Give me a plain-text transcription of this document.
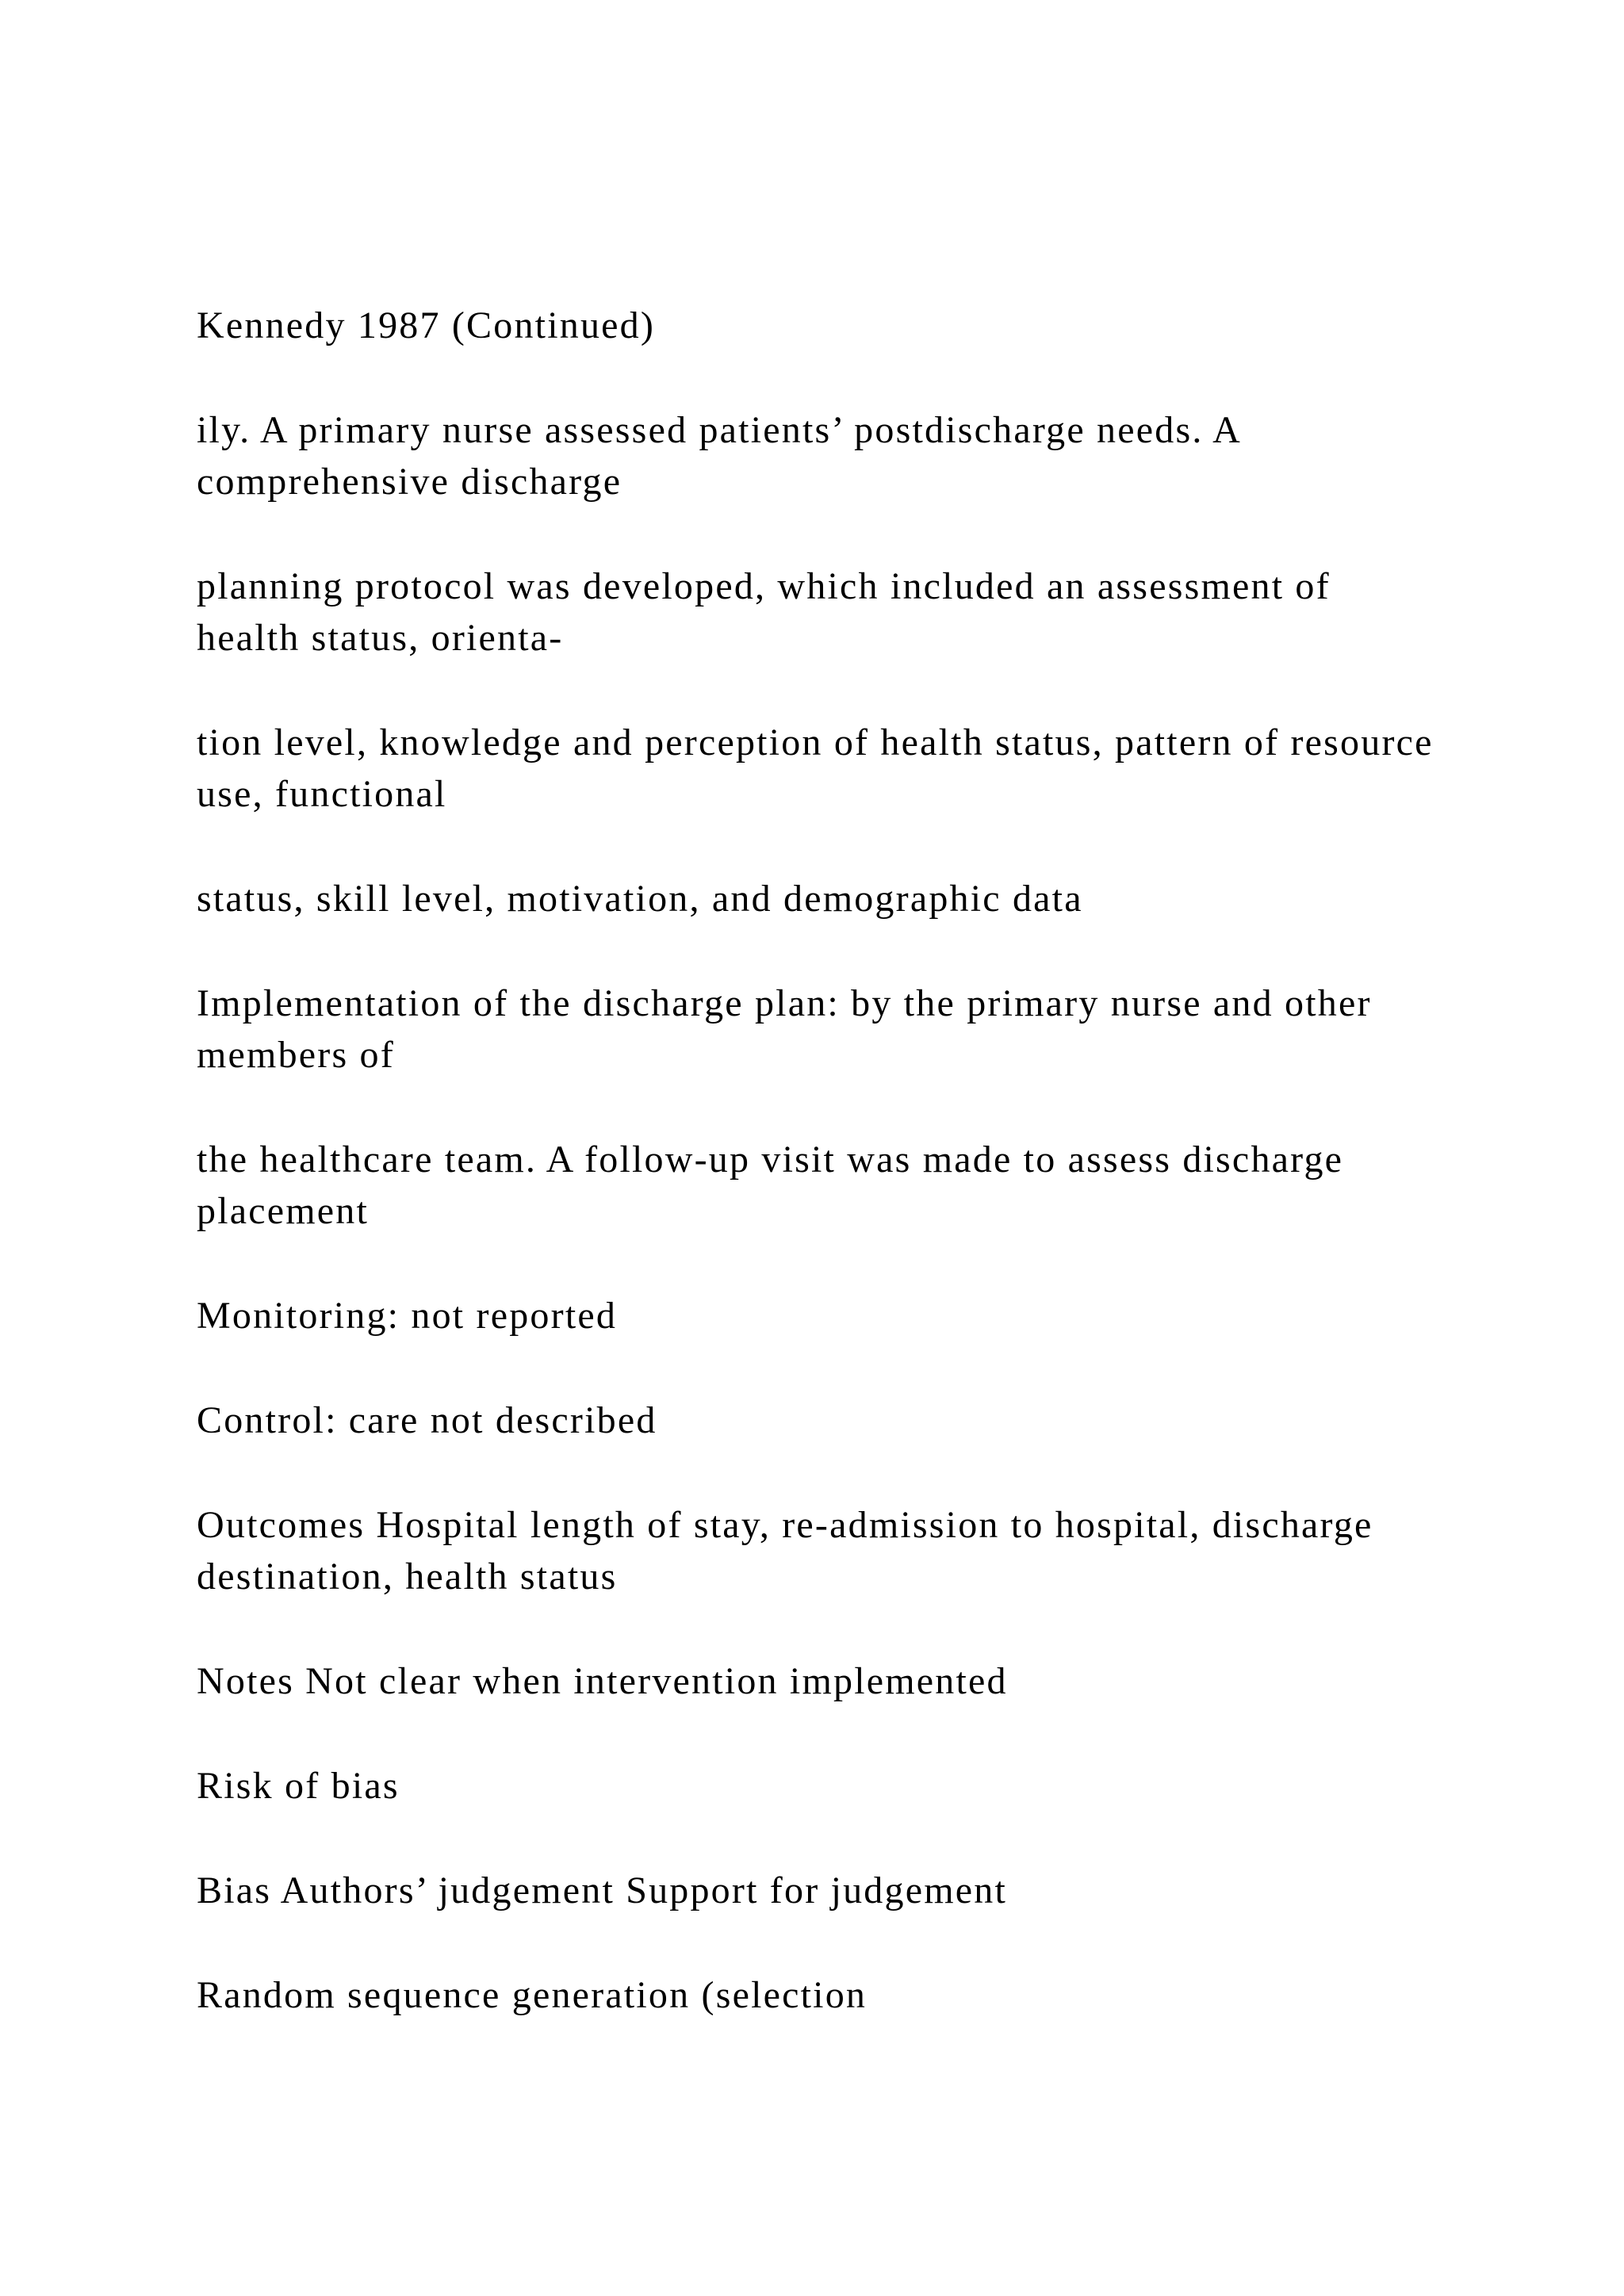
Kennedy 1987 (Continued)

ily. A primary nurse assessed patients’ postdischarge needs. A comprehensive discharge

planning protocol was developed, which included an assessment of health status, orienta-

tion level, knowledge and perception of health status, pattern of resource use, functional

status, skill level, motivation, and demographic data

Implementation of the discharge plan: by the primary nurse and other members of

the healthcare team. A follow-up visit was made to assess discharge placement

Monitoring: not reported

Control: care not described

Outcomes Hospital length of stay, re-admission to hospital, discharge destination, health status

Notes Not clear when intervention implemented

Risk of bias

Bias Authors’ judgement Support for judgement

Random sequence generation (selection
